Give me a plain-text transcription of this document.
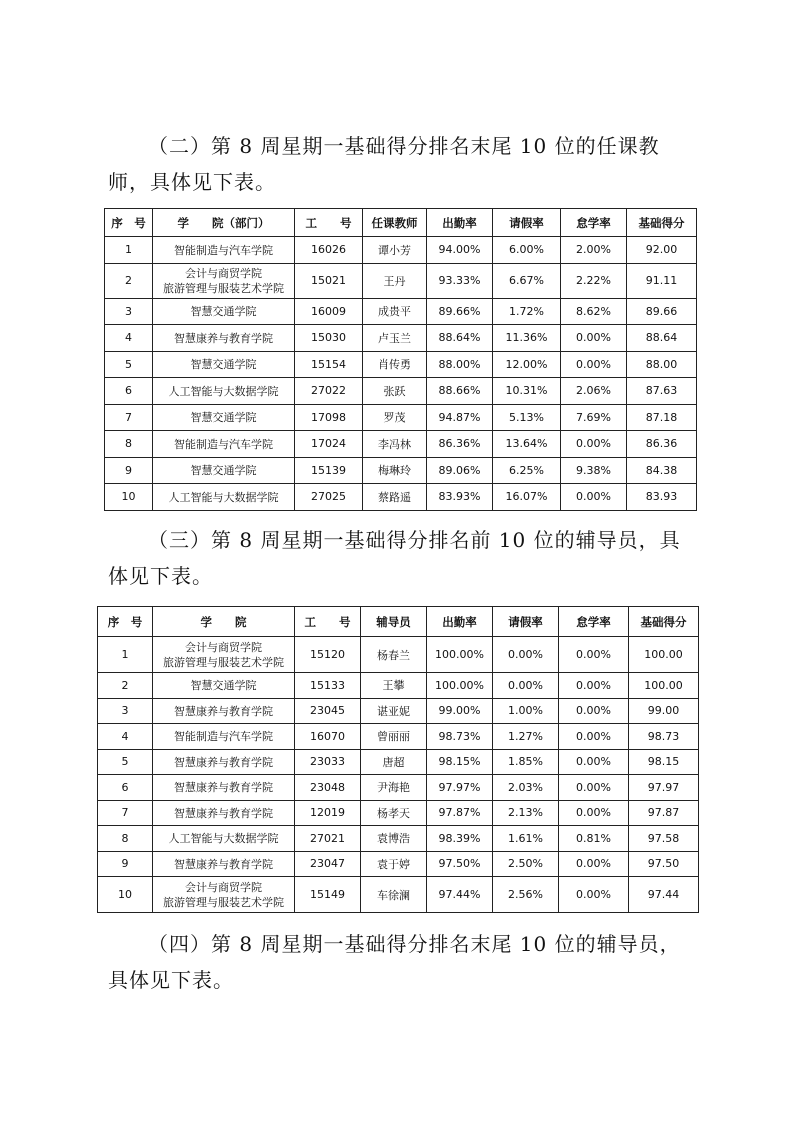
（二）第 8 周星期一基础得分排名末尾 10 位的任课教师，具体见下表。

序　号	学　　院（部门）	工　　号	任课教师	出勤率	请假率	怠学率	基础得分
1	智能制造与汽车学院	16026	谭小芳	94.00%	6.00%	2.00%	92.00
2	会计与商贸学院
旅游管理与服装艺术学院	15021	王丹	93.33%	6.67%	2.22%	91.11
3	智慧交通学院	16009	成贵平	89.66%	1.72%	8.62%	89.66
4	智慧康养与教育学院	15030	卢玉兰	88.64%	11.36%	0.00%	88.64
5	智慧交通学院	15154	肖传勇	88.00%	12.00%	0.00%	88.00
6	人工智能与大数据学院	27022	张跃	88.66%	10.31%	2.06%	87.63
7	智慧交通学院	17098	罗茂	94.87%	5.13%	7.69%	87.18
8	智能制造与汽车学院	17024	李冯林	86.36%	13.64%	0.00%	86.36
9	智慧交通学院	15139	梅琳玲	89.06%	6.25%	9.38%	84.38
10	人工智能与大数据学院	27025	蔡路遥	83.93%	16.07%	0.00%	83.93

（三）第 8 周星期一基础得分排名前 10 位的辅导员，具体见下表。

序　号	学　　院	工　　号	辅导员	出勤率	请假率	怠学率	基础得分
1	会计与商贸学院
旅游管理与服装艺术学院	15120	杨春兰	100.00%	0.00%	0.00%	100.00
2	智慧交通学院	15133	王攀	100.00%	0.00%	0.00%	100.00
3	智慧康养与教育学院	23045	谌亚妮	99.00%	1.00%	0.00%	99.00
4	智能制造与汽车学院	16070	曾丽丽	98.73%	1.27%	0.00%	98.73
5	智慧康养与教育学院	23033	唐超	98.15%	1.85%	0.00%	98.15
6	智慧康养与教育学院	23048	尹海艳	97.97%	2.03%	0.00%	97.97
7	智慧康养与教育学院	12019	杨孝天	97.87%	2.13%	0.00%	97.87
8	人工智能与大数据学院	27021	袁博浩	98.39%	1.61%	0.81%	97.58
9	智慧康养与教育学院	23047	袁于婷	97.50%	2.50%	0.00%	97.50
10	会计与商贸学院
旅游管理与服装艺术学院	15149	车徐澜	97.44%	2.56%	0.00%	97.44

（四）第 8 周星期一基础得分排名末尾 10 位的辅导员，具体见下表。
